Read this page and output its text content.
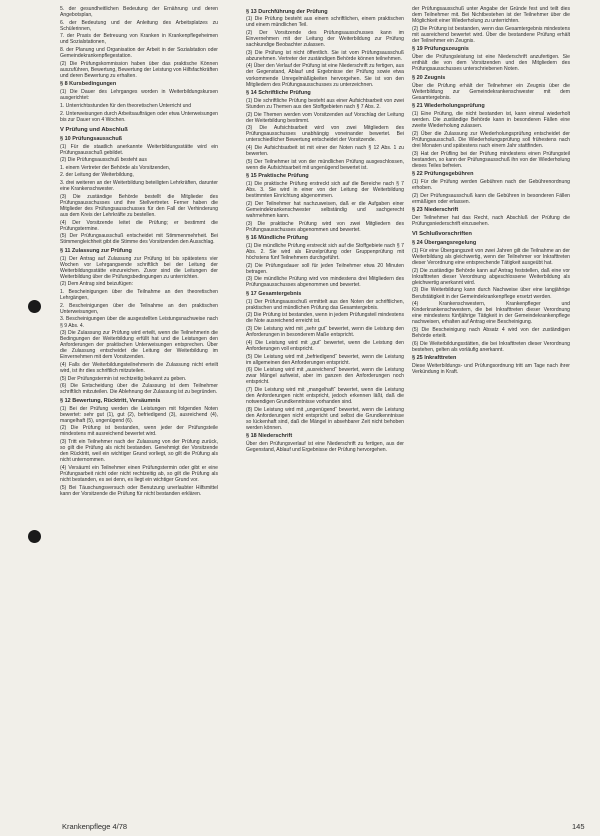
5. der gesundheitlichen Bedeutung der Ernährung und deren Angebotsplan,

6. der Bedeutung und der Anleitung des Arbeitsplatzes zu Schülerinnen,

7. der Praxis der Betreuung von Kranken in Krankenpflegeheimen und Sozialstationen,

8. der Planung und Organisation der Arbeit in der Sozialstation oder Gemeindekrankenpflegestation.

(2) Die Prüfungskommission haben über das praktische Können auszuführen, Bewertung, Bewertung der Leistung von Hilfsfachkräften und deren Bewertung zu erhalten.

§ 8 Kursbedingungen

(1) Die Dauer des Lehrganges worden in Weiterbildungskursen ausgerichtet:

1. Unterrichtsstunden für den theoretischen Unterricht und

2. Unterweisungen durch Arbeitsaufträgen oder etwa Unterweisungen bis zur Dauer von 4 Wochen.

V Prüfung und Abschluß
§ 10 Prüfungsausschuß

(1) Für die staatlich anerkannte Weiterbildungsstätte wird ein Prüfungsausschuß gebildet.

(2) Die Prüfungsausschuß besteht aus

1. einem Vertreter der Behörde als Vorsitzenden,

2. der Leitung der Weiterbildung,

3. drei weiteren an der Weiterbildung beteiligten Lehrkräften, darunter eine Krankenschwester.

(3) Die zuständige Behörde bestellt die Mitglieder des Prüfungsausschusses und ihre Stellvertreter. Ferner haben die Mitglieder des Prüfungsausschusses für den Fall der Verhinderung aus dem Kreis der Lehrkräfte zu bestellen.

(4) Der Vorsitzende leitet die Prüfung; er bestimmt die Prüfungstermine.

(5) Der Prüfungsausschuß entscheidet mit Stimmenmehrheit. Bei Stimmengleichheit gibt die Stimme des Vorsitzenden den Ausschlag.

§ 11 Zulassung zur Prüfung

(1) Der Antrag auf Zulassung zur Prüfung ist bis spätestens vier Wochen vor Lehrgangsende schriftlich bei der Leitung der Weiterbildungsstätte einzureichen. Zuvor sind die Leitungen der Weiterbildung über die Prüfungsbedingungen zu unterrichten.

(2) Dem Antrag sind beizufügen:

1. Bescheinigungen über die Teilnahme an den theoretischen Lehrgängen,

2. Bescheinigungen über die Teilnahme an den praktischen Unterweisungen,

3. Bescheinigungen über die ausgestellten Leistungsnachweise nach § 9 Abs. 4.

(3) Die Zulassung zur Prüfung wird erteilt, wenn die Teilnehmerin die Bedingungen der Weiterbildung erfüllt hat und die Leistungen den Anforderungen der praktischen Unterweisungen entsprechen. Über die Zulassung entscheidet die Leitung der Weiterbildung im Einvernehmen mit dem Vorsitzenden.

(4) Falls der Weiterbildungsteilnehmerin die Zulassung nicht erteilt wird, ist ihr dies schriftlich mitzuteilen.

(5) Der Prüfungstermin ist rechtzeitig bekannt zu geben.

(6) Die Entscheidung über die Zulassung ist dem Teilnehmer schriftlich mitzuteilen. Die Ablehnung der Zulassung ist zu begründen.

§ 12 Bewertung, Rücktritt, Versäumnis

(1) Bei der Prüfung werden die Leistungen mit folgenden Noten bewertet: sehr gut (1), gut (2), befriedigend (3), ausreichend (4), mangelhaft (5), ungenügend (6).

(2) Die Prüfung ist bestanden, wenn jeder der Prüfungsteile mindestens mit ausreichend bewertet wird.

(3) Tritt ein Teilnehmer nach der Zulassung von der Prüfung zurück, so gilt die Prüfung als nicht bestanden. Genehmigt der Vorsitzende den Rücktritt, weil ein wichtiger Grund vorliegt, so gilt die Prüfung als nicht unternommen.

(4) Versäumt ein Teilnehmer einen Prüfungstermin oder gibt er eine Prüfungsarbeit nicht oder nicht rechtzeitig ab, so gilt die Prüfung als nicht bestanden, es sei denn, es liegt ein wichtiger Grund vor.

(5) Bei Täuschungsversuch oder Benutzung unerlaubter Hilfsmittel kann der Vorsitzende die Prüfung für nicht bestanden erklären.

§ 13 Durchführung der Prüfung

(1) Die Prüfung besteht aus einem schriftlichen, einem praktischen und einem mündlichen Teil.

(2) Der Vorsitzende des Prüfungsausschusses kann im Einvernehmen mit der Leitung der Weiterbildung zur Prüfung sachkundige Beobachter zulassen.

(3) Die Prüfung ist nicht öffentlich. Sie ist vom Prüfungsausschuß abzunehmen. Vertreter der zuständigen Behörde können teilnehmen.

(4) Über den Verlauf der Prüfung ist eine Niederschrift zu fertigen, aus der Gegenstand, Ablauf und Ergebnisse der Prüfung sowie etwa vorkommende Unregelmäßigkeiten hervorgehen. Sie ist von den Mitgliedern des Prüfungsausschusses zu unterzeichnen.

§ 14 Schriftliche Prüfung

(1) Die schriftliche Prüfung besteht aus einer Aufsichtsarbeit von zwei Stunden zu Themen aus den Stoffgebieten nach § 7 Abs. 2.

(2) Die Themen werden vom Vorsitzenden auf Vorschlag der Leitung der Weiterbildung bestimmt.

(3) Die Aufsichtsarbeit wird von zwei Mitgliedern des Prüfungsausschusses unabhängig voneinander bewertet. Bei unterschiedlicher Bewertung entscheidet der Vorsitzende.

(4) Die Aufsichtsarbeit ist mit einer der Noten nach § 12 Abs. 1 zu bewerten.

(5) Der Teilnehmer ist von der mündlichen Prüfung ausgeschlossen, wenn die Aufsichtsarbeit mit ungenügend bewertet ist.

§ 15 Praktische Prüfung

(1) Die praktische Prüfung erstreckt sich auf die Bereiche nach § 7 Abs. 3. Sie wird in einer von der Leitung der Weiterbildung bestimmten Einrichtung abgenommen.

(2) Der Teilnehmer hat nachzuweisen, daß er die Aufgaben einer Gemeindekrankenschwester selbständig und sachgerecht wahrnehmen kann.

(3) Die praktische Prüfung wird von zwei Mitgliedern des Prüfungsausschusses abgenommen und bewertet.

§ 16 Mündliche Prüfung

(1) Die mündliche Prüfung erstreckt sich auf die Stoffgebiete nach § 7 Abs. 2. Sie wird als Einzelprüfung oder Gruppenprüfung mit höchstens fünf Teilnehmern durchgeführt.

(2) Die Prüfungsdauer soll für jeden Teilnehmer etwa 20 Minuten betragen.

(3) Die mündliche Prüfung wird von mindestens drei Mitgliedern des Prüfungsausschusses abgenommen und bewertet.

§ 17 Gesamtergebnis

(1) Der Prüfungsausschuß ermittelt aus den Noten der schriftlichen, praktischen und mündlichen Prüfung das Gesamtergebnis.

(2) Die Prüfung ist bestanden, wenn in jedem Prüfungsteil mindestens die Note ausreichend erreicht ist.

(3) Die Leistung wird mit „sehr gut“ bewertet, wenn die Leistung den Anforderungen in besonderem Maße entspricht.

(4) Die Leistung wird mit „gut“ bewertet, wenn die Leistung den Anforderungen voll entspricht.

(5) Die Leistung wird mit „befriedigend“ bewertet, wenn die Leistung im allgemeinen den Anforderungen entspricht.

(6) Die Leistung wird mit „ausreichend“ bewertet, wenn die Leistung zwar Mängel aufweist, aber im ganzen den Anforderungen noch entspricht.

(7) Die Leistung wird mit „mangelhaft“ bewertet, wenn die Leistung den Anforderungen nicht entspricht, jedoch erkennen läßt, daß die notwendigen Grundkenntnisse vorhanden sind.

(8) Die Leistung wird mit „ungenügend“ bewertet, wenn die Leistung den Anforderungen nicht entspricht und selbst die Grundkenntnisse so lückenhaft sind, daß die Mängel in absehbarer Zeit nicht behoben werden können.

§ 18 Niederschrift

Über den Prüfungsverlauf ist eine Niederschrift zu fertigen, aus der Gegenstand, Ablauf und Ergebnisse der Prüfung hervorgehen.

der Prüfungsausschuß unter Angabe der Gründe fest und teilt dies dem Teilnehmer mit. Bei Nichtbestehen ist der Teilnehmer über die Möglichkeit einer Wiederholung zu unterrichten.

(2) Die Prüfung ist bestanden, wenn das Gesamtergebnis mindestens mit ausreichend bewertet wird. Über die bestandene Prüfung erhält der Teilnehmer ein Zeugnis.

§ 19 Prüfungszeugnis

Über die Prüfungsleistung ist eine Niederschrift anzufertigen. Sie enthält die von dem Vorsitzenden und den Mitgliedern des Prüfungsausschusses unterschriebenen Noten.

§ 20 Zeugnis

Über die Prüfung erhält der Teilnehmer ein Zeugnis über die Weiterbildung zur Gemeindekrankenschwester mit dem Gesamtergebnis.

§ 21 Wiederholungsprüfung

(1) Eine Prüfung, die nicht bestanden ist, kann einmal wiederholt werden. Die zuständige Behörde kann in besonderen Fällen eine zweite Wiederholung zulassen.

(2) Über die Zulassung zur Wiederholungsprüfung entscheidet der Prüfungsausschuß. Die Wiederholungsprüfung soll frühestens nach drei Monaten und spätestens nach einem Jahr stattfinden.

(3) Hat der Prüfling bei der Prüfung mindestens einen Prüfungsteil bestanden, so kann der Prüfungsausschuß ihn von der Wiederholung dieses Teiles befreien.

§ 22 Prüfungsgebühren

(1) Für die Prüfung werden Gebühren nach der Gebührenordnung erhoben.

(2) Der Prüfungsausschuß kann die Gebühren in besonderen Fällen ermäßigen oder erlassen.

§ 23 Niederschrift

Der Teilnehmer hat das Recht, nach Abschluß der Prüfung die Prüfungsniederschrift einzusehen.

VI Schlußvorschriften
§ 24 Übergangsregelung

(1) Für eine Übergangszeit von zwei Jahren gilt die Teilnahme an der Weiterbildung als gleichwertig, wenn der Teilnehmer vor Inkrafttreten dieser Verordnung eine entsprechende Tätigkeit ausgeübt hat.

(2) Die zuständige Behörde kann auf Antrag feststellen, daß eine vor Inkrafttreten dieser Verordnung abgeschlossene Weiterbildung als gleichwertig anerkannt wird.

(3) Die Weiterbildung kann durch Nachweise über eine langjährige Berufstätigkeit in der Gemeindekrankenpflege ersetzt werden.

(4) Krankenschwestern, Krankenpfleger und Kinderkrankenschwestern, die bei Inkrafttreten dieser Verordnung eine mindestens fünfjährige Tätigkeit in der Gemeindekrankenpflege nachweisen, erhalten auf Antrag eine Bescheinigung.

(5) Die Bescheinigung nach Absatz 4 wird von der zuständigen Behörde erteilt.

(6) Die Weiterbildungsstätten, die bei Inkrafttreten dieser Verordnung bestehen, gelten als vorläufig anerkannt.

§ 25 Inkrafttreten

Diese Weiterbildungs- und Prüfungsordnung tritt am Tage nach ihrer Verkündung in Kraft.

Krankenpflege 4/78	145
